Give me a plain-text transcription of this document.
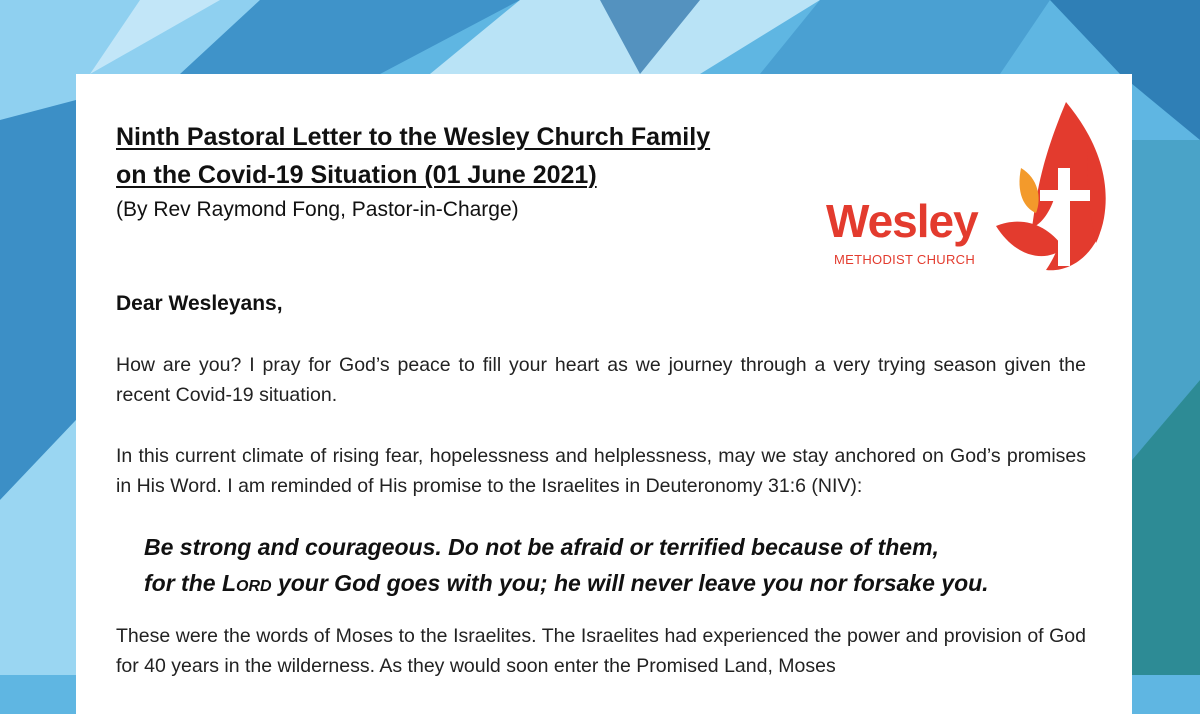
Ninth Pastoral Letter to the Wesley Church Family
on the Covid-19 Situation (01 June 2021)
(By Rev Raymond Fong, Pastor-in-Charge)	Wesley
METHODIST CHURCH
Dear Wesleyans,

How are you? I pray for God’s peace to fill your heart as we journey through a very trying season given the recent Covid-19 situation.

In this current climate of rising fear, hopelessness and helplessness, may we stay anchored on God’s promises in His Word. I am reminded of His promise to the Israelites in Deuteronomy 31:6 (NIV):

Be strong and courageous. Do not be afraid or terrified because of them,
for the Lord your God goes with you; he will never leave you nor forsake you.

These were the words of Moses to the Israelites. The Israelites had experienced the power and provision of God for 40 years in the wilderness. As they would soon enter the Promised Land, Moses
